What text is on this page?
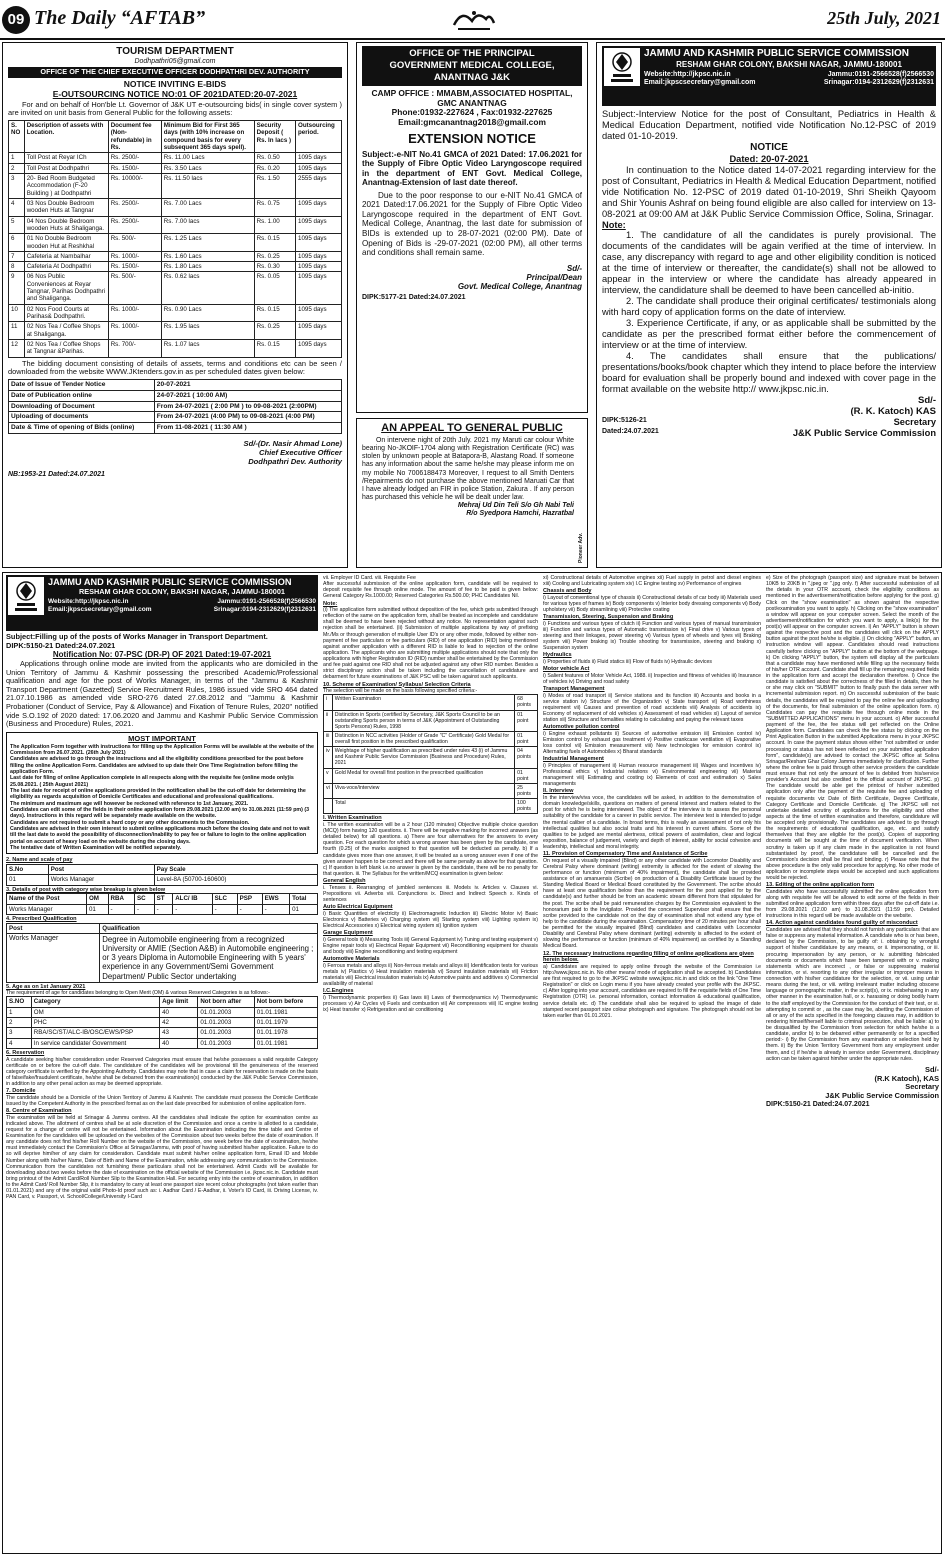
09 The Daily “AFTAB”	25th July, 2021
TOURISM DEPARTMENT
Dodhpathri05@gmail.com
OFFICE OF THE CHIEF EXECUTIVE OFFICER DODHPATHRI DEV. AUTHORITY
NOTICE INVITING E-BIDS
E-OUTSOURCING NOTICE NO:01 OF 2021DATED:20-07-2021

For and on behalf of Hon'ble Lt. Governor of J&K UT e-outsourcing bids( in single cover system ) are invited on unit basis from General Public for the following assets:

S. NO	Description of assets with Location.	Document fee (Non-refundable) in Rs.	Minimum Bid for First 365 days (with 10% increase on compound basis for every subsequent 365 days spell).	Security Deposit ( Rs. In lacs )	Outsourcing period.
1	Toll Post at Reyar ICh	Rs. 2500/-	Rs. 11.00 Lacs	Rs. 0.50	1095 days
2	Toll Post at Dodhpathri	Rs. 1500/-	Rs. 3.50 Lacs	Rs. 0.20	1095 days
3	20- Bed Room Budgeted Accommodation (F-20 Building ) at Dodhpathri	Rs. 10000/-	Rs. 11.50 lacs	Rs. 1.50	2555 days
4	03 Nos Double Bedroom wooden Huts at Tangnar	Rs. 2500/-	Rs. 7.00 Lacs	Rs. 0.75	1095 days
5	04 Nos Double Bedroom wooden Huts at Shaliganga.	Rs. 2500/-	Rs. 7.00 lacs	Rs. 1.00	1095 days
6	01 No Double Bedroom wooden Hut at Reshkhal	Rs. 500/-	Rs. 1.25 Lacs	Rs. 0.15	1095 days
7	Cafeteria at Nambalhar	Rs. 1000/-	Rs. 1.60 Lacs	Rs. 0.25	1095 days
8	Cafeteria At Dodhpathri	Rs. 1500/-	Rs. 1.80 Lacs	Rs. 0.30	1095 days
9	06 Nos Public Conveniences at Reyar Tangnar, Parihas Dodhpathri and Shaliganga.	Rs. 500/-	Rs. 0.62 lacs	Rs. 0.05	1095 days
10	02 Nos Food Courts at Parihas& Dodhpathri.	Rs. 1000/-	Rs. 0.90 Lacs	Rs. 0.15	1095 days
11	02 Nos Tea / Coffee Shops at Shaliganga.	Rs. 1000/-	Rs. 1.95 lacs	Rs. 0.25	1095 days
12	02 Nos Tea / Coffee Shops at Tangnar &Parihas.	Rs. 700/-	Rs. 1.07 lacs	Rs. 0.15	1095 days

The bidding document consisting of details of assets, terms and conditions etc can be seen / downloaded from the website WWW.JKtenders.gov.in as per scheduled dates given below:

Date of Issue of Tender Notice	20-07-2021
Date of Publication online	24-07-2021 ( 10:00 AM)
Downloading of Document	From 24-07-2021 ( 2:00 PM ) to 09-08-2021 (2:00PM)
Uploading of documents	From 24-07-2021 (4:00 PM) to 09-08-2021 (4:00 PM)
Date & Time of opening of Bids (online)	From 11-08-2021 ( 11:30 AM )
Sd/-(Dr. Nasir Ahmad Lone)
Chief Executive Officer
Dodhpathri Dev. Authority
NB:1953-21 Dated:24.07.2021
OFFICE OF THE PRINCIPAL
GOVERNMENT MEDICAL COLLEGE,
ANANTNAG J&K
CAMP OFFICE : MMABM,ASSOCIATED HOSPITAL, GMC ANANTNAG
Phone:01932-227624 , Fax:01932-227625
Email:gmcanantnag2018@gmail.com
EXTENSION NOTICE

Subject:-e-NIT No.41 GMCA of 2021 Dated: 17.06.2021 for the Supply of Fibre Optic Video Laryngoscope required in the department of ENT Govt. Medical College, Anantnag-Extension of last date thereof.

Due to the poor response to our e-NIT No.41 GMCA of 2021 Dated:17.06.2021 for the Supply of Fibre Optic Video Laryngoscope required in the department of ENT Govt. Medical College, Anantnag, the last date for submission of BIDs is extended up to 28-07-2021 (02:00 PM). Date of Opening of Bids is -29-07-2021 (02:00 PM), all other terms and conditions shall remain same.

Sd/-
Principal/Dean
Govt. Medical College, Anantnag
DIPK:5177-21 Dated:24.07.2021
AN APPEAL TO GENERAL PUBLIC

On intervene night of 20th July. 2021 my Maruti car colour White bearing No-JKOIF-1704 along with Registration Certificate (RC) was stolen by unknown people at Batapora-B, Alastang Road. If someone has any information about the same he/she may please inform me on my mobile No 7006188473 Moreover, I request to all Smith Denters /Repairments do not purchase the above mentioned Maruati Car that I have already lodged an FIR in police Station, Zakura . If any person has purchased this vehicle he will be dealt under law.

Mehraj Ud Din Teli S/o Gh Nabi Teli
R/o Syedpora Hamchi, Hazratbal
Pioneer Adv.
JAMMU AND KASHMIR PUBLIC SERVICE COMMISSION
RESHAM GHAR COLONY, BAKSHI NAGAR, JAMMU-180001
Website:http://jkpsc.nic.in	Jammu:0191-2566528(f)2566530
Email:jkpscsecretary@gmail.com	Srinagar:0194-2312629(f)2312631

Subject:-Interview Notice for the post of Consultant, Pediatrics in Health & Medical Education Department, notified vide Notification No.12-PSC of 2019 dated 01-10-2019.

NOTICE
Dated: 20-07-2021

In continuation to the Notice dated 14-07-2021 regarding interview for the post of Consultant, Pediatrics in Health & Medical Education Department, notified vide Notification No. 12-PSC of 2019 dated 01-10-2019, Shri Sheikh Qayoom and Shir Younis Ashraf on being found eligible are also called for interview on 13-08-2021 at 09:00 AM at J&K Public Service Commission Office, Solina, Srinagar.

Note:

1. The candidature of all the candidates is purely provisional. The documents of the candidates will be again verified at the time of interview. In case, any discrepancy with regard to age and other eligibility condition is noticed at the time of interview or thereafter, the candidate(s) shall not be allowed to appear in the interview or where the candidate has already appeared in interview, the candidature shall be deemed to have been cancelled ab-initio.

2. The candidate shall produce their original certificates/ testimonials along with hard copy of application forms on the date of interview.

3. Experience Certificate, if any, or as applicable shall be submitted by the candidate as per the prescribed format either before the commencement of interview or at the time of interview.

4. The candidates shall ensure that the publications/ presentations/books/book chapter which they intend to place before the interview board for evaluation shall be properly bound and indexed with cover page in the format available on the website http:// www.jkpsc.nic.in.

Sd/-
(R. K. Katoch) KAS
DIPK:5126-21	Secretary
Dated:24.07.2021	J&K Public Service Commission
JAMMU AND KASHMIR PUBLIC SERVICE COMMISSION
RESHAM GHAR COLONY, BAKSHI NAGAR, JAMMU-180001
Website:http://jkpsc.nic.in	Jammu:0191-2566528(f)2566530
Email:jkpscsecretary@gmail.com	Srinagar:0194-2312629(f)2312631

Subject:Filling up of the posts of Works Manager in Transport Department.

DIPK:5150-21 Dated:24.07.2021

Notification No: 07-PSC (DR-P) OF 2021 Dated:19-07-2021

Applications through online mode are invited from the applicants who are domiciled in the Union Territory of Jammu & Kashmir possessing the prescribed Academic/Professional qualification and age for the post of Works Manager, in terms of the "Jammu & Kashmir Transport Department (Gazetted) Service Recruitment Rules, 1986 issued vide SRO 464 dated 21.07.10.1986 as amended vide SRO-276 dated 27.08.2012 and "Jammu & Kashmir Probationer (Conduct of Service, Pay & Allowance) and Fixation of Tenure Rules, 2020" notified vide S.O.192 of 2020 dated: 17.06.2020 and Jammu and Kashmir Public Service Commission (Business and Procedure) Rules, 2021.

MOST IMPORTANT
The Application Form together with instructions for filling up the Application Forms will be available at the website of the Commission from 26.07.2021. (26th July 2021)
Candidates are advised to go through the instructions and all the eligibility conditions prescribed for the post before filling the online Application Form. Candidates are advised to up date their One Time Registration before filling the application Form.
Last date for filing of online Application complete in all respects along with the requisite fee (online mode only)is 25.08.2021. ( 25th August 2021)
The last date for receipt of online applications provided in the notification shall be the cut-off date for determining the eligibility as regards acquisition of Domicile Certificates and educational and professional qualifications.
The minimum and maximum age will however be reckoned with reference to 1st January, 2021.
Candidates can edit some of the fields in their online application form 29.08.2021 (12.00 am) to 31.08.2021 (11:59 pm) (3 days). Instructions in this regard will be separately made available on the website.
Candidates are not required to submit a hard copy or any other documents to the Commission.
Candidates are advised in their own interest to submit online applications much before the closing date and not to wait till the last date to avoid the possibility of disconnection/inability to pay fee or failure to login to the online application portal on account of heavy load on the website during the closing days.
The tentative date of Written Examination will be notified separately.
2. Name and scale of pay
S.No	Post	Pay Scale
01	Works Manager	Level-8A (50700-160600)
3. Details of post with category wise breakup is given below
Name of the Post	OM	RBA	SC	ST	ALC/ IB	SLC	PSP	EWS	Total
Works Manager	01	-	-	-	-	-	-	-	01
4. Prescribed Qualification
Post	Qualification
Works Manager	Degree in Automobile engineering from a recognized University or AMIE (Section A&B) in Automobile engineering ; or 3 years Diploma in Automobile Engineering with 5 years' experience in any Government/Semi Government Department/ Public Sector undertaking
5. Age as on 1st January 2021

The requirement of age for candidates belonging to Open Merit (OM) & various Reserved Categories is as follows:-

S.NO	Category	Age limit	Not born after	Not born before
1	OM	40	01.01.2003	01.01.1981
2	PHC	42	01.01.2003	01.01.1979
3	RBA/SC/ST/ALC-IB/OSC/EWS/PSP	43	01.01.2003	01.01.1978
4	In service candidate/ Government	40	01.01.2003	01.01.1981
6. Reservation

A candidate seeking his/her consideration under Reserved Categories must ensure that he/she possesses a valid requisite Category certificate on or before the cut-off date. The candidature of the candidates will be provisional till the genuineness of the reserved category certificate is verified by the Appointing Authority. Candidates may note that in case a claim for reservation is made on the basis of false/fake/fraudulent certificate, he/she shall be debarred from the examination(s) conducted by the J&K Public Service Commission, in addition to any other penal action as may be deemed appropriate.

7. Domicile

The candidate should be a Domicile of the Union Territory of Jammu & Kashmir. The candidate must possess the Domicile Certificate issued by the Competent Authority in the prescribed format as on the last date prescribed for submission of online application form.

8. Centre of Examination

The examination will be held at Srinagar & Jammu centres. All the candidates shall indicate the option for examination centre as indicated above. The allotment of centres shall be at sole discretion of the Commission and once a centre is allotted to a candidate, request for a change of centre will not be entertained. Information about the Examination indicating the time table and Centre of Examination for the candidates will be uploaded on the websites of the Commission about two weeks before the date of examination. If any candidate does not find his/her Roll Number on the website of the Commission, one week before the date of examination, he/she must immediately contact the Commission's Office at Srinagar/Jammu, with proof of having submitted his/her application. Failure to do so will deprive him/her of any claim for consideration. Candidate must submit his/her online application form, Email ID and Mobile Number along with his/her Name, Date of Birth and Name of the Examination, while addressing any communication to the Commission. Communication from the candidates not furnishing these particulars shall not be entertained. Admit Cards will be available for downloading about two weeks before the date of examination on the official website of the Commission i.e. jkpsc.nic.in. Candidate must bring printout of the Admit Card/Roll Number Slip to the Examination Hall. For securing entry into the centre of examination, in addition to the Admit Card/ Roll Number Slip, it is mandatory to carry at least one passport size recent colour photographs (not taken earlier than 01.01.2021) and any of the original valid Photo-Id proof such as: i. Aadhar Card / E-Aadhar, ii. Voter's ID Card, iii. Driving License, iv. PAN Card, v. Passport, vi. School/College/University I-Card

vii. Employer ID Card. viii. Requisite Fee

After successful submission of the online application form, candidate will be required to deposit requisite fee through online mode. The amount of fee to be paid is given below: General Category Rs.1000.00; Reserved Categories Rs.500.00; PHC Candidates Nil.

Note:

(i) The application form submitted without deposition of the fee, which gets submitted through reflection of the same on the application form, shall be treated as incomplete and candidature shall be deemed to have been rejected without any notice. No representation against such rejection shall be entertained. (ii) Submission of multiple applications by way of prefixing Mr./Ms or through generation of multiple User ID's or any other mode, followed by either non-payment of fee particulars or fee particulars (RID) of one application (RID) being mentioned against another application with a different RID is liable to lead to rejection of the online application. The applicants who are submitting multiple applications should note that only the applications with higher Registration ID (RID) number shall be entertained by the Commission and fee paid against one RID shall not be adjusted against any other RID number. Besides a strict disciplinary action shall be taken including the cancellation of candidature and debarment for future examinations of J&K PSC will be taken against such applicants.

10. Scheme of Examination/ Syllabus/ Selection Criteria

The selection will be made on the basis following specified criteria:-

i	Written Examination	68 points
ii	Distinction in Sports (certified by Secretary, J&K Sports Council to be an outstanding Sports person in terms of J&K (Appointment of Outstanding Sports Persons) Rules, 1998	01 point
iii	Distinction in NCC activities (Holder of Grade "C" Certificate) Gold Medal for overall first position in the prescribed qualification	01 point
iv	Weightage of higher qualification as prescribed under rules 43 (i) of Jammu and Kashmir Public Service Commission (Business and Procedure) Rules, 2021	04 points
v	Gold Medal for overall first position in the prescribed qualification	01 point
vi	Viva-voce/interview	25 points
	Total	100 points
I. Written Examination

i. The written examination will be a 2 hour (120 minutes) Objective multiple choice question (MCQ) form having 120 questions. ii. There will be negative marking for incorrect answers (as detailed below) for all questions. a) There are four alternatives for the answers to every question. For each question for which a wrong answer has been given by the candidate, one fourth (0.25) of the marks assigned to that question will be deducted as penalty. b) If a candidate gives more than one answer, it will be treated as a wrong answer even if one of the given answer happen to be correct and there will be same penalty as above for that question. c) If question is left blank i.e.no answer is given by the candidate, there will be no penalty for that question. iii. The Syllabus for the written/MCQ examination is given below:

General English

i. Tenses ii. Rearranging of jumbled sentences iii. Models iv. Articles v. Clauses vi. Prepositions vii. Adverbs viii. Conjunctions ix. Direct and Indirect Speech x. Kinds of sentences

Auto Electrical Equipment

i) Basic Quantities of electricity ii) Electromagnetic Induction iii) Electric Motor iv) Basic Electronics v) Batteries vi) Charging system vii) Starting system viii) Lighting system ix) Electrical Accessories x) Electrical wiring system xi) Ignition system

Garage Equipment

i) General tools ii) Measuring Tools iii) General Equipment iv) Tuning and testing equipment v) Engine repair tools vi) Electrical Repair Equipment vii) Reconditioning equipment for chassis and body viii) Engine reconditioning and testing equipment

Automotive Materials

i) Ferrous metals and alloys ii) Non-ferrous metals and alloys iii) Identification tests for various metals iv) Plastics v) Heat insulation materials vi) Sound insulation materials vii) Friction materials viii) Electrical insulation materials ix) Automotive paints and additives x) Commercial availability of material

I.C.Engines

i) Thermodynamic properties ii) Gas laws iii) Laws of thermodynamics iv) Thermodynamic processes v) Air Cycles vi) Fuels and combustion vii) Air compressors viii) IC engine testing ix) Heat transfer x) Refrigeration and air conditioning

xi) Constructional details of Automotive engines xii) Fuel supply in petrol and diesel engines xiii) Cooling and Lubricating system xiv) I.C Engine testing xv) Performance of engines

Chassis and Body

i) Layout of conventional type of chassis ii) Constructional details of car body iii) Materials used for various types of frames iv) Body components v) Interior body dressing components vi) Body upholstery vii) Body streamlining viii) Protective coating

Transmission, Steering, Suspension and Braking

i) Functions and various types of clutch ii) Function and various types of manual transmission iii) Function and various types of Automatic transmission iv) Final drive v) Various types of steering and their linkages, power steering vi) Various types of wheels and tyres vii) Braking system viii) Power braking ix) Trouble shooting for transmission, steering and braking x) Suspension system

Hydraulics

i) Properties of fluids ii) Fluid statics iii) Flow of fluids iv) Hydraulic devices

Motor vehicle Act

i) Salient features of Motor Vehicle Act, 1988. ii) Inspection and fitness of vehicles iii) Insurance of vehicles iv) Driving and road safety

Transport Management

i) Modes of road transport ii) Service stations and its function iii) Accounts and books in a service station iv) Structure of the Organization v) State transport vi) Road worthiness requirement vii) Causes and prevention of road accidents viii) Analysis of accidents ix) Economy of replacement of old vehicles x) Assessment of road vehicles xi) Layout of service station xii) Structure and formalities relating to calculating and paying the relevant taxes

Automotive pollution control

i) Engine exhaust pollutants ii) Sources of automotive emission iii) Emission control iv) Emission control by exhaust gas treatment v) Positive crankcase ventilation vi) Evaporative loss control vii) Emission measurement viii) New technologies for emission control ix) Alternating fuels of Automobiles x) Bharat standards

Industrial Management

i) Principles of management ii) Human resource management iii) Wages and incentives iv) Professional ethics v) Industrial relations vi) Environmental engineering vii) Material management viii) Estimating and costing ix) Elements of cost and estimation x) Sales managements

II. Interview

In the interview/viva voce, the candidates will be asked, in addition to the demonstration of domain knowledge/skills, questions on matters of general interest and matters related to the post for which he is being interviewed. The object of the interview is to assess the personal suitability of the candidate for a career in public service. The interview test is intended to judge the mental caliber of a candidate. In broad terms, this is really an assessment of not only his intellectual qualities but also social traits and his interest in current affairs. Some of the qualities to be judged are mental alertness, critical powers of assimilation, clear and logical exposition, balance of judgement, variety and depth of interest, ability for social cohesion and leadership, intellectual and moral integrity.

11. Provision of Compensatory Time and Assistance of Scribe

On request of a visually impaired (Blind) or any other candidate with Locomotor Disability and Cerebral Palsy where dominant (writing) extremity is affected for the extent of slowing the performance or function (minimum of 40% impairment), the candidate shall be provided assistance of an amanuensis (Scribe) on production of a Disability Certificate issued by the Standing Medical Board or Medical Board constituted by the Government. The scribe should have at least one qualification below than the requirement for the post applied for by the candidate(s) and further should be from an academic stream different from that stipulated for the post. The scribe shall be paid remuneration charges by the Commission equivalent to the honorarium paid to the Invigilator. Provided the concerned Supervisor shall ensure that the scribe provided to the candidate not on the day of examination shall not extend any type of help to the candidate during the examination. Compensatory time of 20 minutes per hour shall be permitted for the visually impaired (Blind) candidates and candidates with Locomotor Disability and Cerebral Palsy where dominant (writing) extremity is affected to the extent of slowing the performance or function (minimum of 40% impairment) as certified by a Standing Medical Board.

12. The necessary instructions regarding filling of online applications are given herein below.

a) Candidates are required to apply online through the website of the Commission i.e http://www.jkpsc.nic.in. No other means/ mode of application shall be accepted. b) Candidates are first required to go to the JKPSC website www.jkpsc.nic.in and click on the link "One Time Registration" or click on Login menu if you have already created your profile with the JKPSC. c) After logging into your account, candidates are required to fill the requisite fields of One Time Registration (OTR) i.e. personal information, contact information & educational qualification, service details etc. d) The candidate shall also be required to upload the image of date stamped recent passport size colour photograph and signature. The photograph should not be taken earlier than 01.01.2021.

e) Size of the photograph (passport size) and signature must be between 10KB to 20KB in ".jpeg or ".jpg only. f) After successful submission of all the details in your OTR account, check the eligibility conditions as mentioned in the advertisement/notification before applying for the post. g) Click on the "show examination" as shown against the respective post/examination you want to apply. h) Clicking on the "show examination" a window will appear on your computer screen. Select the month of the advertisement/notification for which you want to apply, a link(s) for the post(s) will appear on the computer screen. i) An "APPLY" button is shown against the respective post and the candidates will click on the APPLY button against the post he/she is eligible. j) On clicking "APPLY" button, an instruction window will appear. Candidates should read instructions carefully before clicking on "APPLY" button at the bottom of the webpage. k) On clicking "APPLY" button, the system will display all the particulars that a candidate may have mentioned while filling up the necessary fields of his/her OTR account. Candidate shall fill up the remaining required fields in the application form and accept the declaration therefore. l) Once the candidate is satisfied about the correctness of the filled in details, then he or she may click on "SUBMIT" button to finally push the data server with incremental submission report. m) On successful submission of the basic details, the candidates will be required to pay the online fee and uploading of the documents, for final submission of the online application form. n) Candidates can pay the requisite fee through online mode in the "SUBMITTED APPLICATIONS" menu in your account. o) After successful payment of the fee, the fee status will get reflected on the Online Application form. Candidates can check the fee status by clicking on the Print Application Button in the submitted Applications menu in your JKPSC account. In case the payment status shows either "not submitted or under processing or status has not been reflected on your submitted application form", candidate(s) are advised to contact the JKPSC office at Solina Srinagar/Resham Ghar Colony Jammu immediately for clarification. Further where the online fee is paid through other service providers the candidate must ensure that not only the amount of fee is debited from his/service provider's Account but also credited to the official account of JKPSC. p) The candidate would be able get the printout of his/her submitted application only after the payment of the requisite fee and uploading of requisite documents viz Date of Birth Certificate, Degree Certificate, Category Certificate and Domicile Certificate. q) The JKPSC will not undertake detailed scrutiny of applications for the eligibility and other aspects at the time of written examination and therefore, candidature will be accepted only provisionally. The candidates are advised to go through the requirements of educational qualification, age, etc. and satisfy themselves that they are eligible for the post(s). Copies of supporting documents will be sought at the time of document verification. When scrutiny is taken up if any claim made in the application is not found substantiated by proof, the candidature will be cancelled and the Commission's decision shall be final and binding. r) Please note that the above procedure is the only valid procedure for applying. No other mode of application or incomplete steps would be accepted and such applications would be rejected.

13. Editing of the online application form

Candidates who have successfully submitted the online application form along with requisite fee will be allowed to edit some of the fields in their submitted online application form within three days after the cut-off date i.e. from 29.08.2021 (12.00 am) to 31.08.2021 (11:59 pm). Detailed instructions in this regard will be made available on the website.

14. Action against candidates found guilty of misconduct

Candidates are advised that they should not furnish any particulars that are false or suppress any material information. A candidate who is or has been, declared by the Commission, to be guilty of: i. obtaining by wrongful support of his/her candidature by any means, or ii. impersonating, or iii. procuring impersonation by any person, or iv. submitting fabricated documents or documents which have been tampered with or v. making statements which are incorrect , or false or suppressing material information, or vi. resorting to any other irregular or improper means in connection with his/her candidature for the selection, or vii. using unfair means during the test, or viii. writing irrelevant matter including obscene language or pornographic matter, in the script(s), or ix. misbehaving in any other manner in the examination hall, or x. harassing or doing bodily harm to the staff employed by the Commission for the conduct of their test, or xi. attempting to commit or , as the case may be, abetting the Commission of all or any of the acts specified in the foregoing clauses may, in addition to rendering himself/herself liable to criminal prosecution, shall be liable: a) to be disqualified by the Commission from selection for which he/she is a candidate, and/or b) to be debarred either permanently or for a specified period:- i) By the Commission from any examination or selection held by them. ii) By the Union Territory Government from any employment under them, and c) if he/she is already in service under Government, disciplinary action can be taken against him/her under the appropriate rules.

Sd/-
(R.K Katoch), KAS
Secretary
J&K Public Service Commission
DIPK:5150-21 Dated:24.07.2021
